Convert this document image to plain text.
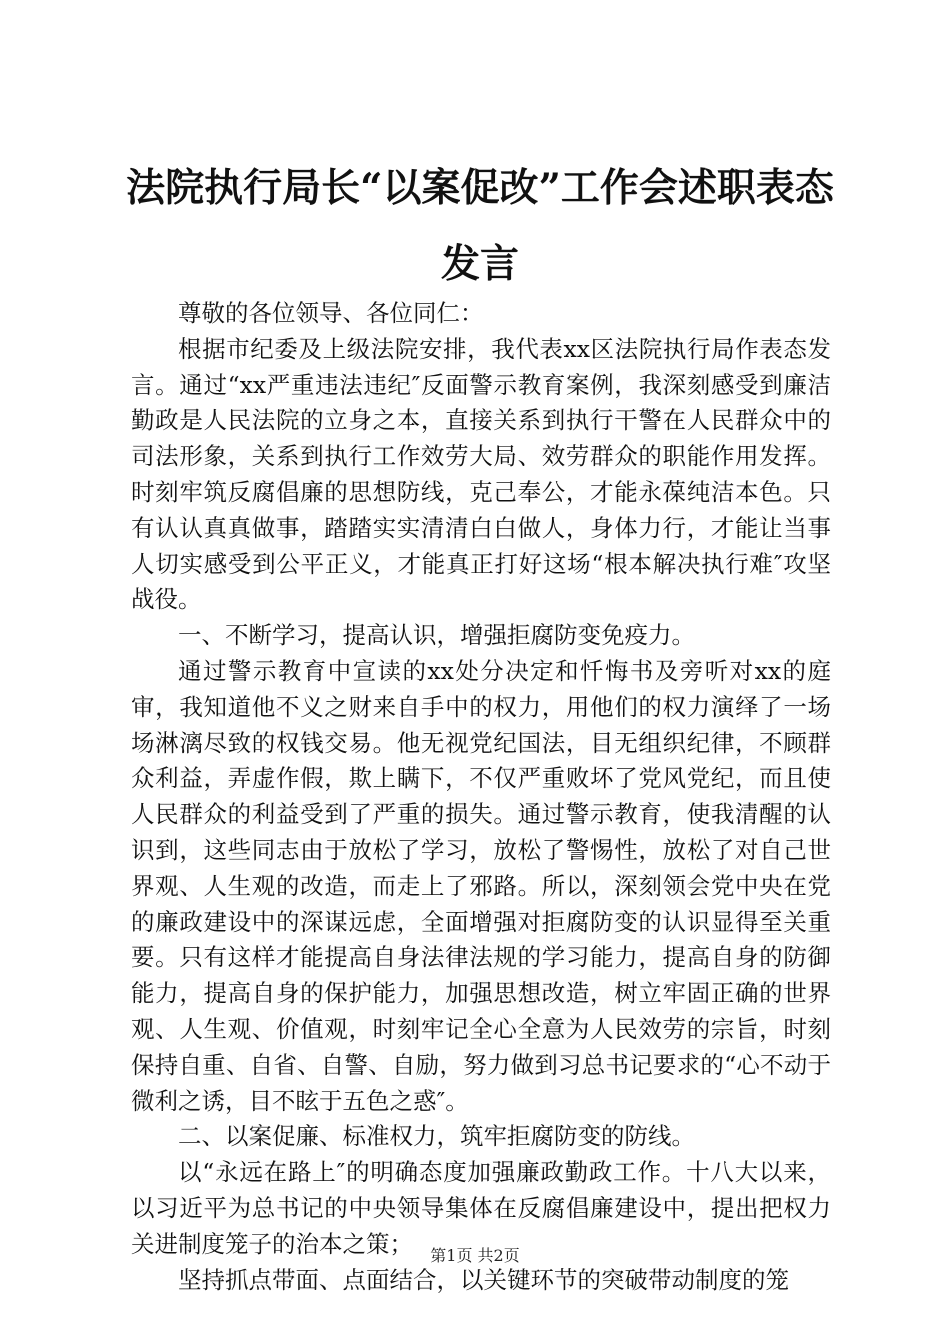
法院执行局长“以案促改”工作会述职表态发言

尊敬的各位领导、各位同仁：

根据市纪委及上级法院安排，我代表xx区法院执行局作表态发言。通过“xx严重违法违纪″反面警示教育案例，我深刻感受到廉洁勤政是人民法院的立身之本，直接关系到执行干警在人民群众中的司法形象，关系到执行工作效劳大局、效劳群众的职能作用发挥。时刻牢筑反腐倡廉的思想防线，克己奉公，才能永葆纯洁本色。只有认认真真做事，踏踏实实清清白白做人，身体力行，才能让当事人切实感受到公平正义，才能真正打好这场“根本解决执行难″攻坚战役。

一、不断学习，提高认识，增强拒腐防变免疫力。

通过警示教育中宣读的xx处分决定和忏悔书及旁听对xx的庭审，我知道他不义之财来自手中的权力，用他们的权力演绎了一场场淋漓尽致的权钱交易。他无视党纪国法，目无组织纪律，不顾群众利益，弄虚作假，欺上瞒下，不仅严重败坏了党风党纪，而且使人民群众的利益受到了严重的损失。通过警示教育，使我清醒的认识到，这些同志由于放松了学习，放松了警惕性，放松了对自己世界观、人生观的改造，而走上了邪路。所以，深刻领会党中央在党的廉政建设中的深谋远虑，全面增强对拒腐防变的认识显得至关重要。只有这样才能提高自身法律法规的学习能力，提高自身的防御能力，提高自身的保护能力，加强思想改造，树立牢固正确的世界观、人生观、价值观，时刻牢记全心全意为人民效劳的宗旨，时刻保持自重、自省、自警、自励，努力做到习总书记要求的“心不动于微利之诱，目不眩于五色之惑″。

二、以案促廉、标准权力，筑牢拒腐防变的防线。

以“永远在路上″的明确态度加强廉政勤政工作。十八大以来，以习近平为总书记的中央领导集体在反腐倡廉建设中，提出把权力关进制度笼子的治本之策；

坚持抓点带面、点面结合，以关键环节的突破带动制度的笼

第1页 共2页
